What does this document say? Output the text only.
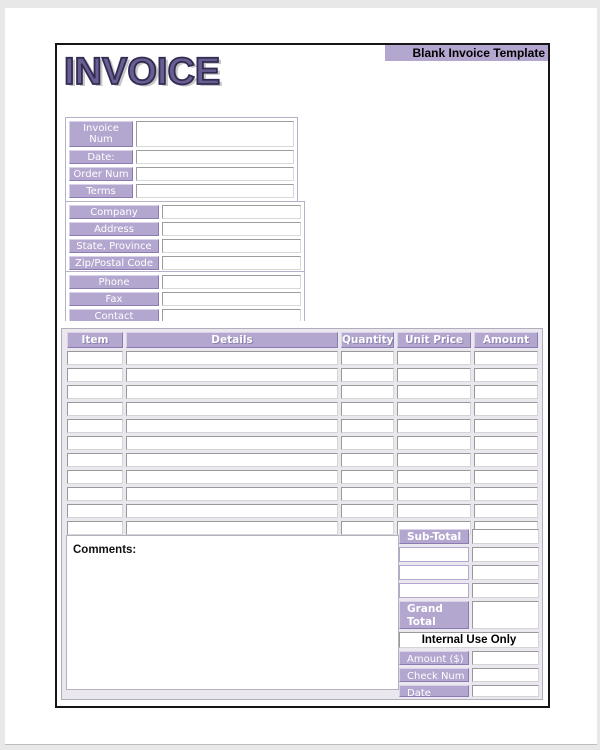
Blank Invoice Template
INVOICE
Invoice Num
Date:
Order Num
Terms
Company
Address
State, Province
Zip/Postal Code
Phone
Fax
Contact
Item	Details	Quantity	Unit Price	Amount
Comments:
Sub-Total
Grand Total
Internal Use Only
Amount ($)
Check Num
Date
